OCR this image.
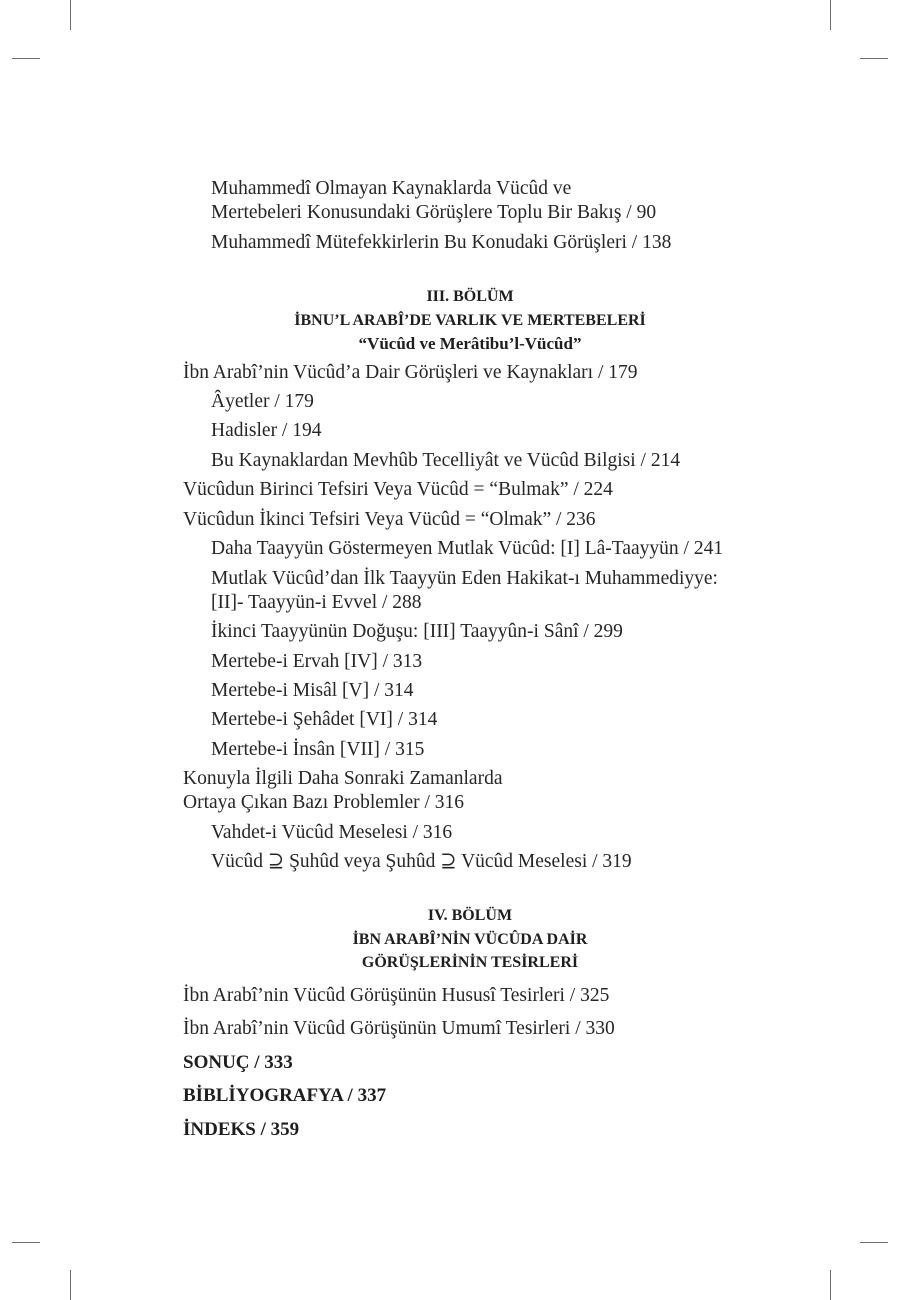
Muhammedî Olmayan Kaynaklarda Vücûd ve
Mertebeleri Konusundaki Görüşlere Toplu Bir Bakış / 90
Muhammedî Mütefekkirlerin Bu Konudaki Görüşleri / 138
III. BÖLÜM
İBNU’L ARABÎ’DE VARLIK VE MERTEBELERİ
“Vücûd ve Merâtibu’l-Vücûd”
İbn Arabî’nin Vücûd’a Dair Görüşleri ve Kaynakları / 179
Âyetler / 179
Hadisler / 194
Bu Kaynaklardan Mevhûb Tecelliyât ve Vücûd Bilgisi / 214
Vücûdun Birinci Tefsiri Veya Vücûd = “Bulmak” / 224
Vücûdun İkinci Tefsiri Veya Vücûd = “Olmak” / 236
Daha Taayyün Göstermeyen Mutlak Vücûd: [I] Lâ-Taayyün / 241
Mutlak Vücûd’dan İlk Taayyün Eden Hakikat-ı Muhammediyye:
[II]- Taayyün-i Evvel / 288
İkinci Taayyünün Doğuşu: [III] Taayyûn-i Sânî / 299
Mertebe-i Ervah [IV] / 313
Mertebe-i Misâl [V] / 314
Mertebe-i Şehâdet [VI] / 314
Mertebe-i İnsân [VII] / 315
Konuyla İlgili Daha Sonraki Zamanlarda
Ortaya Çıkan Bazı Problemler / 316
Vahdet-i Vücûd Meselesi / 316
Vücûd ⊇ Şuhûd veya Şuhûd ⊇ Vücûd Meselesi / 319
IV. BÖLÜM
İBN ARABÎ’NİN VÜCÛDA DAİR
GÖRÜŞLERİNİN TESİRLERİ
İbn Arabî’nin Vücûd Görüşünün Hususî Tesirleri / 325
İbn Arabî’nin Vücûd Görüşünün Umumî Tesirleri / 330
SONUÇ / 333
BİBLİYOGRAFYA / 337
İNDEKS / 359
